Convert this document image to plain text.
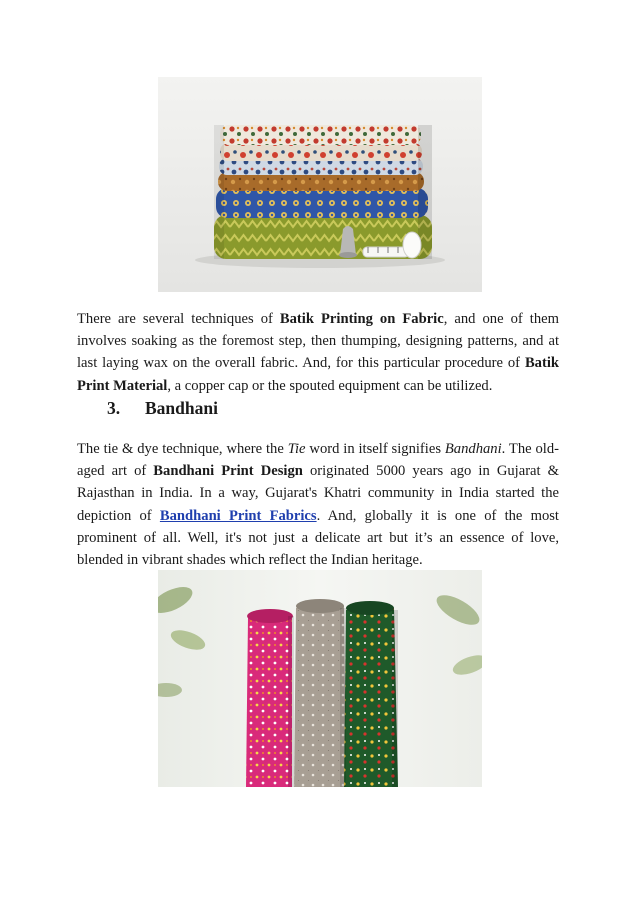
There are several techniques of Batik Printing on Fabric, and one of them involves soaking as the foremost step, then thumping, designing patterns, and at last laying wax on the overall fabric. And, for this particular procedure of Batik Print Material, a copper cap or the spouted equipment can be utilized.

3. Bandhani

The tie & dye technique, where the Tie word in itself signifies Bandhani. The old-aged art of Bandhani Print Design originated 5000 years ago in Gujarat & Rajasthan in India. In a way, Gujarat's Khatri community in India started the depiction of Bandhani Print Fabrics. And, globally it is one of the most prominent of all. Well, it's not just a delicate art but it’s an essence of love, blended in vibrant shades which reflect the Indian heritage.
